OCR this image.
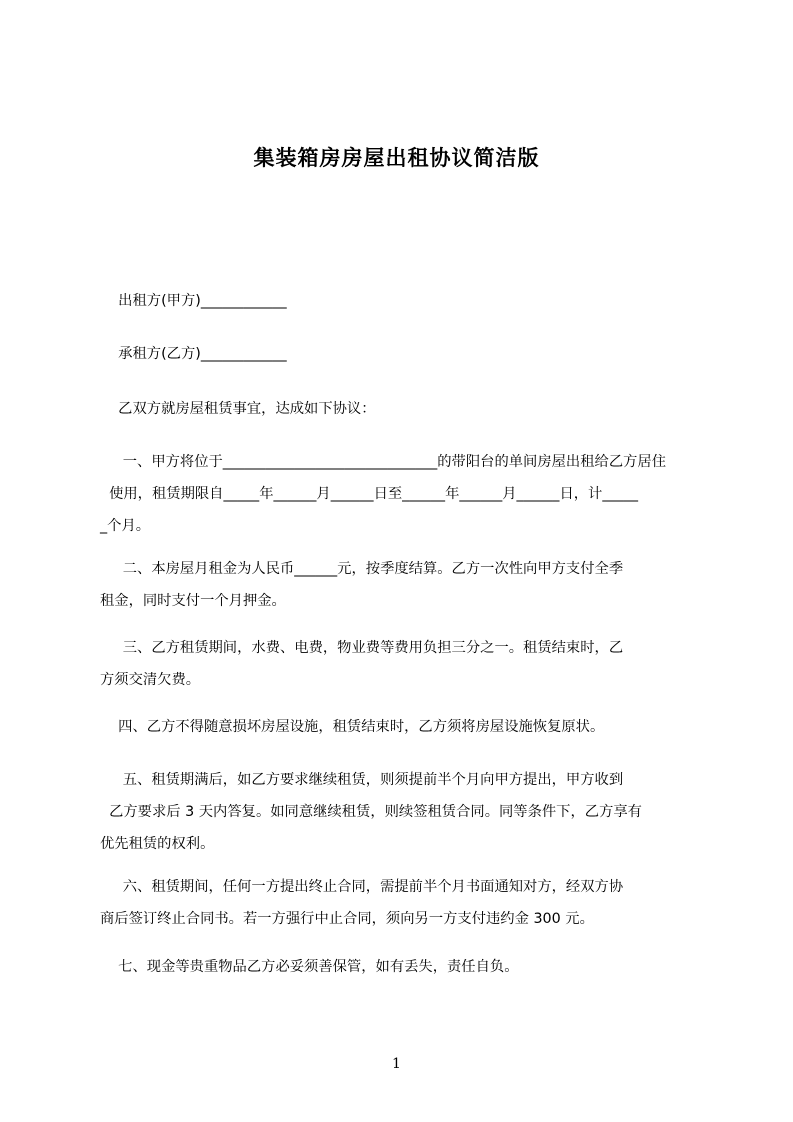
集装箱房房屋出租协议简洁版
出租方(甲方)____________
承租方(乙方)____________
乙双方就房屋租赁事宜，达成如下协议：
一、甲方将位于______________________________的带阳台的单间房屋出租给乙方居住
使用，租赁期限自_____年______月______日至______年______月______日，计_____
_个月。
二、本房屋月租金为人民币______元，按季度结算。乙方一次性向甲方支付全季
租金，同时支付一个月押金。
三、乙方租赁期间，水费、电费，物业费等费用负担三分之一。租赁结束时，乙
方须交清欠费。
四、乙方不得随意损坏房屋设施，租赁结束时，乙方须将房屋设施恢复原状。
五、租赁期满后，如乙方要求继续租赁，则须提前半个月向甲方提出，甲方收到
乙方要求后 3 天内答复。如同意继续租赁，则续签租赁合同。同等条件下，乙方享有
优先租赁的权利。
六、租赁期间，任何一方提出终止合同，需提前半个月书面通知对方，经双方协
商后签订终止合同书。若一方强行中止合同，须向另一方支付违约金 300 元。
七、现金等贵重物品乙方必妥须善保管，如有丢失，责任自负。
1
